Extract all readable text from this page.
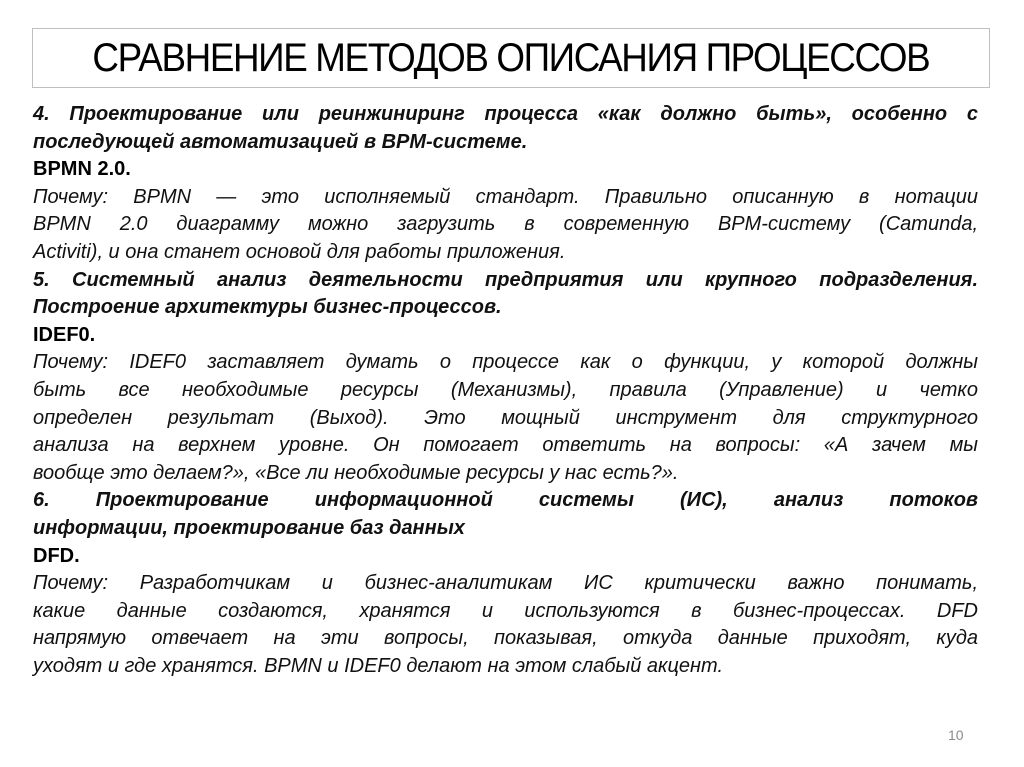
СРАВНЕНИЕ МЕТОДОВ ОПИСАНИЯ ПРОЦЕССОВ
4. Проектирование или реинжиниринг процесса «как должно быть», особенно с
последующей автоматизацией в BPM-системе.
BPMN 2.0.
Почему: BPMN — это исполняемый стандарт. Правильно описанную в нотации
BPMN 2.0 диаграмму можно загрузить в современную BPM-систему (Camunda,
Activiti), и она станет основой для работы приложения.
5. Системный анализ деятельности предприятия или крупного подразделения.
Построение архитектуры бизнес-процессов.
IDEF0.
Почему: IDEF0 заставляет думать о процессе как о функции, у которой должны
быть все необходимые ресурсы (Механизмы), правила (Управление) и четко
определен результат (Выход). Это мощный инструмент для структурного
анализа на верхнем уровне. Он помогает ответить на вопросы: «А зачем мы
вообще это делаем?», «Все ли необходимые ресурсы у нас есть?».
6. Проектирование информационной системы (ИС), анализ потоков
информации, проектирование баз данных
DFD.
Почему: Разработчикам и бизнес-аналитикам ИС критически важно понимать,
какие данные создаются, хранятся и используются в бизнес-процессах. DFD
напрямую отвечает на эти вопросы, показывая, откуда данные приходят, куда
уходят и где хранятся. BPMN и IDEF0 делают на этом слабый акцент.
10
